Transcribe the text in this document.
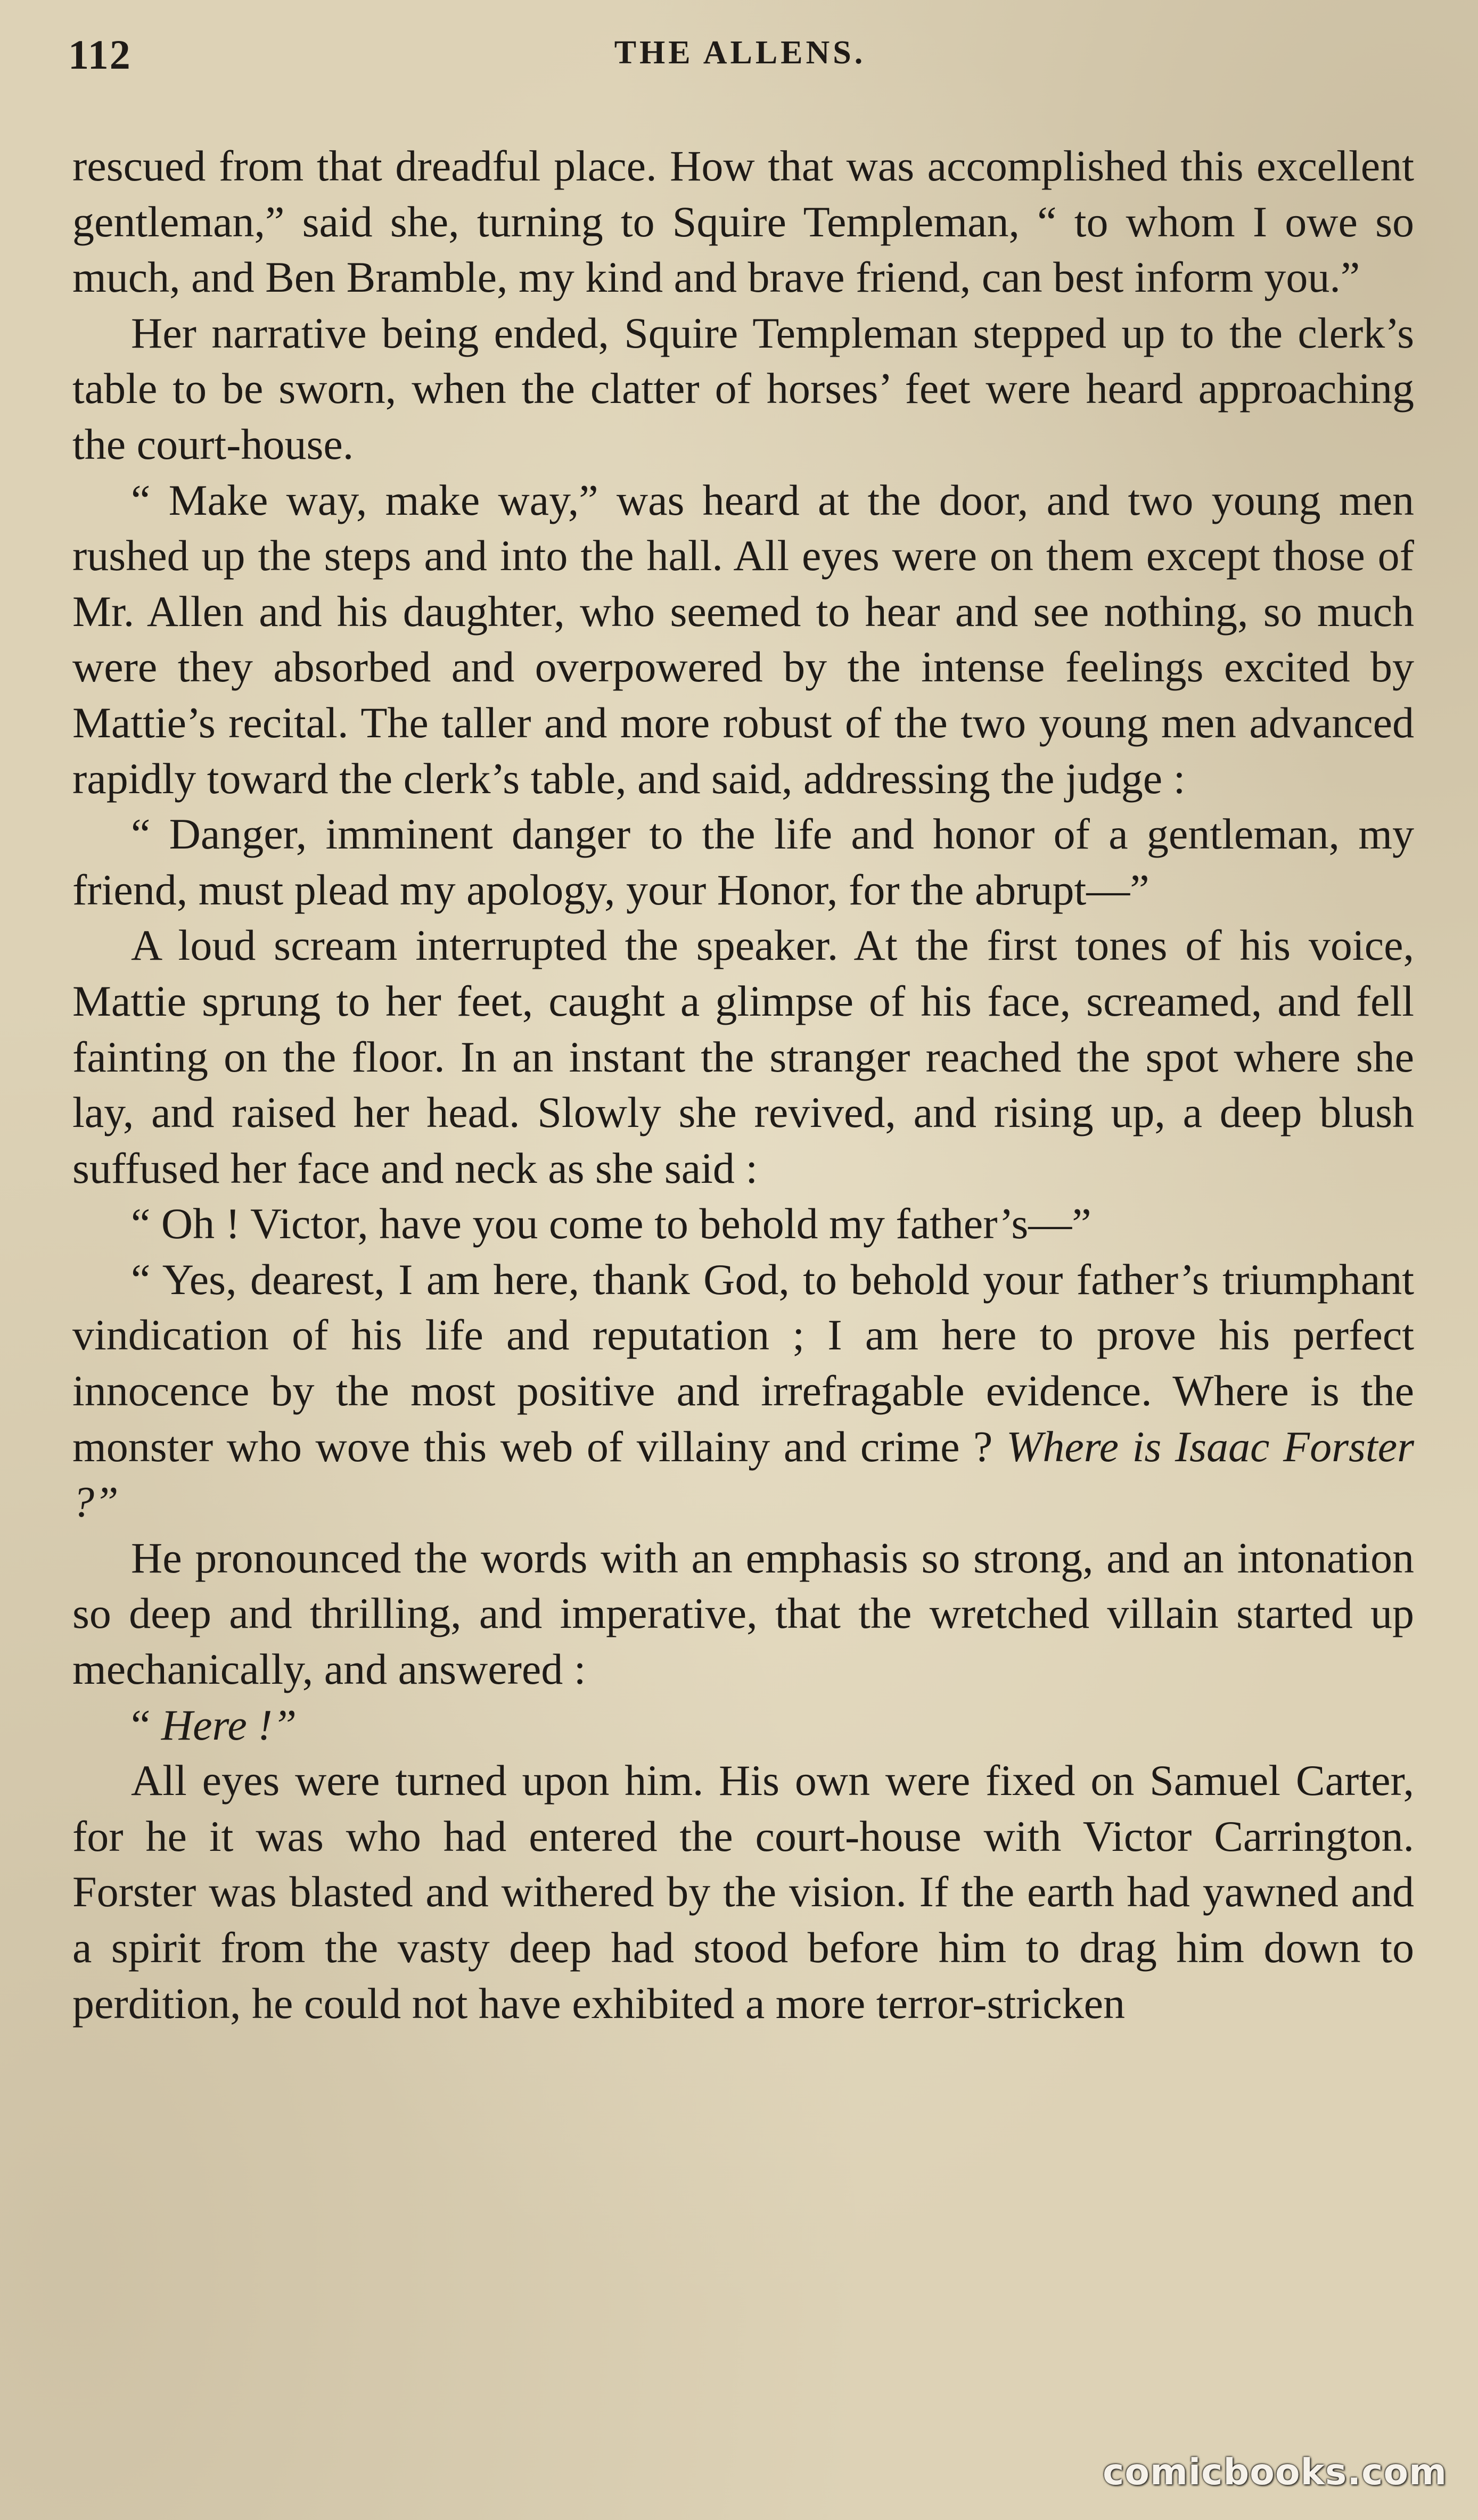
112	THE ALLENS.

rescued from that dreadful place. How that was accomplished this excellent gentleman,” said she, turning to Squire Templeman, “ to whom I owe so much, and Ben Bramble, my kind and brave friend, can best inform you.”

Her narrative being ended, Squire Templeman stepped up to the clerk’s table to be sworn, when the clatter of horses’ feet were heard approaching the court-house.

“ Make way, make way,” was heard at the door, and two young men rushed up the steps and into the hall. All eyes were on them except those of Mr. Allen and his daughter, who seemed to hear and see nothing, so much were they absorbed and overpowered by the intense feelings excited by Mattie’s recital. The taller and more robust of the two young men advanced rapidly toward the clerk’s table, and said, addressing the judge :

“ Danger, imminent danger to the life and honor of a gentleman, my friend, must plead my apology, your Honor, for the abrupt—”

A loud scream interrupted the speaker. At the first tones of his voice, Mattie sprung to her feet, caught a glimpse of his face, screamed, and fell fainting on the floor. In an instant the stranger reached the spot where she lay, and raised her head. Slowly she revived, and rising up, a deep blush suffused her face and neck as she said :

“ Oh ! Victor, have you come to behold my father’s—”

“ Yes, dearest, I am here, thank God, to behold your father’s triumphant vindication of his life and reputation ; I am here to prove his perfect innocence by the most positive and irrefragable evidence. Where is the monster who wove this web of villainy and crime ? Where is Isaac Forster ?”

He pronounced the words with an emphasis so strong, and an intonation so deep and thrilling, and imperative, that the wretched villain started up mechanically, and answered :

“ Here !”

All eyes were turned upon him. His own were fixed on Samuel Carter, for he it was who had entered the court-house with Victor Carrington. Forster was blasted and withered by the vision. If the earth had yawned and a spirit from the vasty deep had stood before him to drag him down to perdition, he could not have exhibited a more terror-stricken

comicbooks.com
